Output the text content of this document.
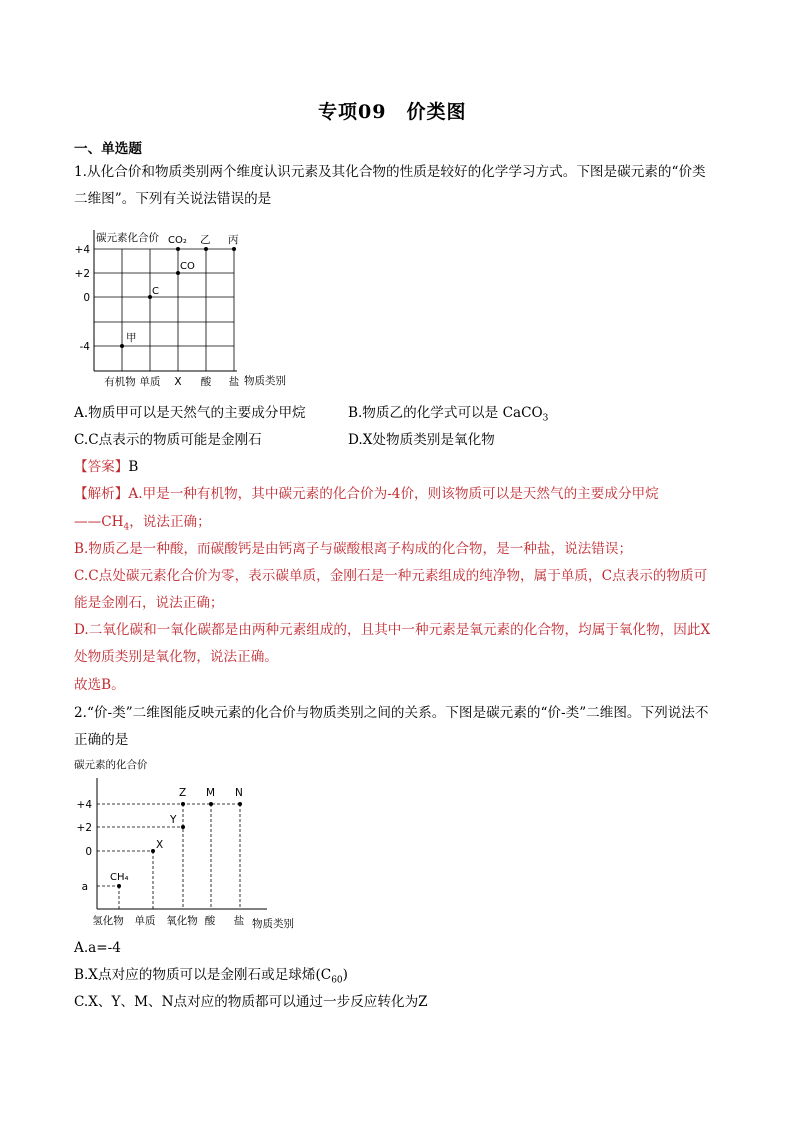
专项09　价类图
一、单选题
1.从化合价和物质类别两个维度认识元素及其化合物的性质是较好的化学学习方式。下图是碳元素的“价类
二维图”。下列有关说法错误的是
碳元素化合价
+4
+2
0
-4
有机物 单质 X 酸 盐 物质类别
CO₂ 乙 丙
CO
C
甲
A.物质甲可以是天然气的主要成分甲烷	B.物质乙的化学式可以是 CaCO$_3$
C.C点表示的物质可能是金刚石	D.X处物质类别是氧化物
【答案】B
【解析】A.甲是一种有机物，其中碳元素的化合价为-4价，则该物质可以是天然气的主要成分甲烷
$——CH_4$，说法正确；
B.物质乙是一种酸，而碳酸钙是由钙离子与碳酸根离子构成的化合物，是一种盐，说法错误；
C.C点处碳元素化合价为零，表示碳单质，金刚石是一种元素组成的纯净物，属于单质，C点表示的物质可
能是金刚石，说法正确；
D.二氧化碳和一氧化碳都是由两种元素组成的，且其中一种元素是氧元素的化合物，均属于氧化物，因此X
处物质类别是氧化物，说法正确。
故选B。
2.“价-类”二维图能反映元素的化合价与物质类别之间的关系。下图是碳元素的“价-类”二维图。下列说法不
正确的是
碳元素的化合价
+4
+2
0
a
Z M N
Y
X
CH₄
氢化物 单质 氧化物 酸 盐 物质类别
A.a=-4
B.X点对应的物质可以是金刚石或足球烯$(C_{60})$
C.X、Y、M、N点对应的物质都可以通过一步反应转化为Z
